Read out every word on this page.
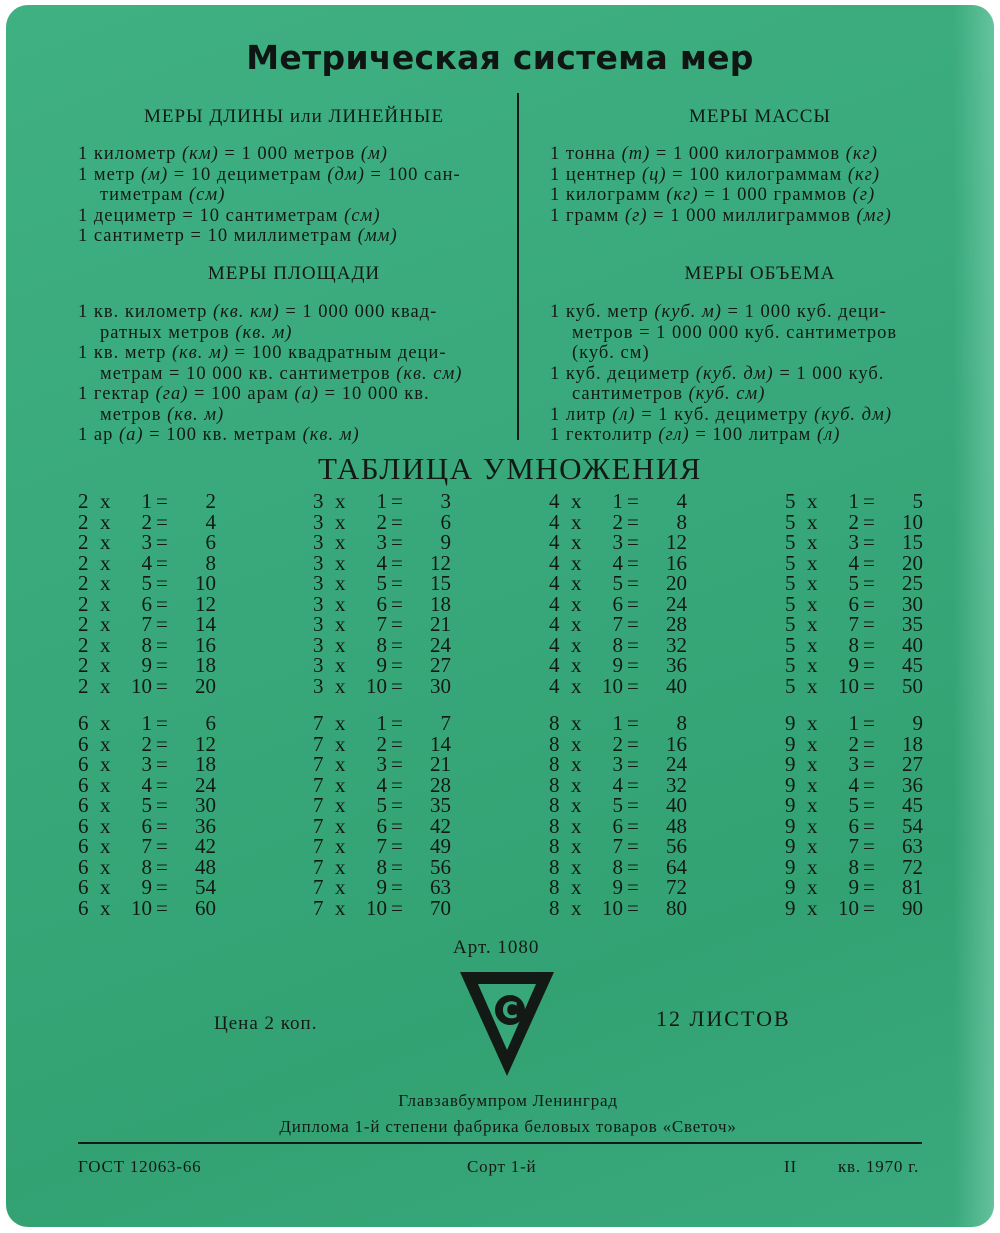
Метрическая система мер
МЕРЫ ДЛИНЫ или ЛИНЕЙНЫЕ
1 километр (км) = 1 000 метров (м)
1 метр (м) = 10 дециметрам (дм) = 100 сан-
тиметрам (см)
1 дециметр = 10 сантиметрам (см)
1 сантиметр = 10 миллиметрам (мм)
МЕРЫ МАССЫ
1 тонна (т) = 1 000 килограммов (кг)
1 центнер (ц) = 100 килограммам (кг)
1 килограмм (кг) = 1 000 граммов (г)
1 грамм (г) = 1 000 миллиграммов (мг)
МЕРЫ ПЛОЩАДИ
1 кв. километр (кв. км) = 1 000 000 квад-
ратных метров (кв. м)
1 кв. метр (кв. м) = 100 квадратным деци-
метрам = 10 000 кв. сантиметров (кв. см)
1 гектар (га) = 100 арам (а) = 10 000 кв.
метров (кв. м)
1 ар (а) = 100 кв. метрам (кв. м)
МЕРЫ ОБЪЕМА
1 куб. метр (куб. м) = 1 000 куб. деци-
метров = 1 000 000 куб. сантиметров
(куб. см)
1 куб. дециметр (куб. дм) = 1 000 куб.
сантиметров (куб. см)
1 литр (л) = 1 куб. дециметру (куб. дм)
1 гектолитр (гл) = 100 литрам (л)
ТАБЛИЦА УМНОЖЕНИЯ
2 х	1 =	2
2 х	2 =	4
2 х	3 =	6
2 х	4 =	8
2 х	5 =	10
2 х	6 =	12
2 х	7 =	14
2 х	8 =	16
2 х	9 =	18
2 х 10 =	20
3 х	1 =	3
3 х	2 =	6
3 х	3 =	9
3 х	4 =	12
3 х	5 =	15
3 х	6 =	18
3 х	7 =	21
3 х	8 =	24
3 х	9 =	27
3 х 10 =	30
4 х	1 =	4
4 х	2 =	8
4 х	3 =	12
4 х	4 =	16
4 х	5 =	20
4 х	6 =	24
4 х	7 =	28
4 х	8 =	32
4 х	9 =	36
4 х 10 =	40
5 х	1 =	5
5 х	2 =	10
5 х	3 =	15
5 х	4 =	20
5 х	5 =	25
5 х	6 =	30
5 х	7 =	35
5 х	8 =	40
5 х	9 =	45
5 х 10 =	50
6 х	1 =	6
6 х	2 =	12
6 х	3 =	18
6 х	4 =	24
6 х	5 =	30
6 х	6 =	36
6 х	7 =	42
6 х	8 =	48
6 х	9 =	54
6 х 10 =	60
7 х	1 =	7
7 х	2 =	14
7 х	3 =	21
7 х	4 =	28
7 х	5 =	35
7 х	6 =	42
7 х	7 =	49
7 х	8 =	56
7 х	9 =	63
7 х 10 =	70
8 х	1 =	8
8 х	2 =	16
8 х	3 =	24
8 х	4 =	32
8 х	5 =	40
8 х	6 =	48
8 х	7 =	56
8 х	8 =	64
8 х	9 =	72
8 х 10 =	80
9 х	1 =	9
9 х	2 =	18
9 х	3 =	27
9 х	4 =	36
9 х	5 =	45
9 х	6 =	54
9 х	7 =	63
9 х	8 =	72
9 х	9 =	81
9 х 10 =	90
Арт. 1080
Цена 2 коп.	С	12 ЛИСТОВ
Главзавбумпром Ленинград
Диплома 1-й степени фабрика беловых товаров «Светоч»
ГОСТ 12063-66	Сорт 1-й	II кв. 1970 г.
